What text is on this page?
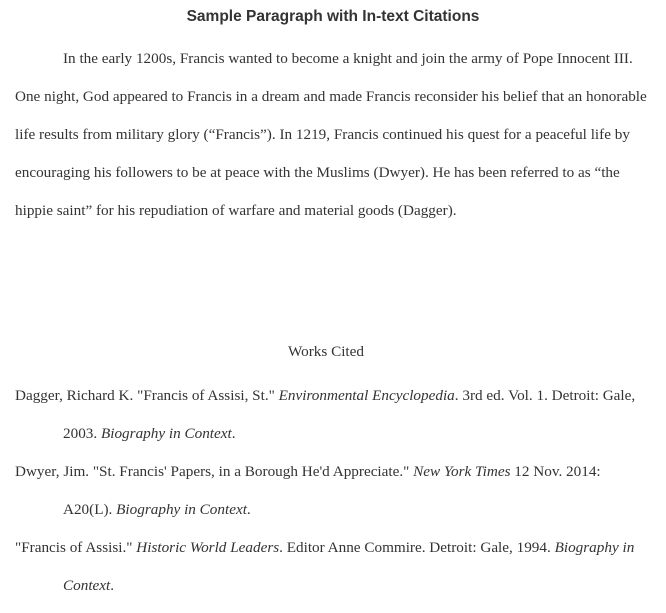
Sample Paragraph with In-text Citations

In the early 1200s, Francis wanted to become a knight and join the army of Pope Innocent III. One night, God appeared to Francis in a dream and made Francis reconsider his belief that an honorable life results from military glory (“Francis”). In 1219, Francis continued his quest for a peaceful life by encouraging his followers to be at peace with the Muslims (Dwyer). He has been referred to as “the hippie saint” for his repudiation of warfare and material goods (Dagger).

Works Cited
Dagger, Richard K. "Francis of Assisi, St." Environmental Encyclopedia. 3rd ed. Vol. 1. Detroit: Gale, 2003. Biography in Context.
Dwyer, Jim. "St. Francis' Papers, in a Borough He'd Appreciate." New York Times 12 Nov. 2014: A20(L). Biography in Context.
"Francis of Assisi." Historic World Leaders. Editor Anne Commire. Detroit: Gale, 1994. Biography in Context.
